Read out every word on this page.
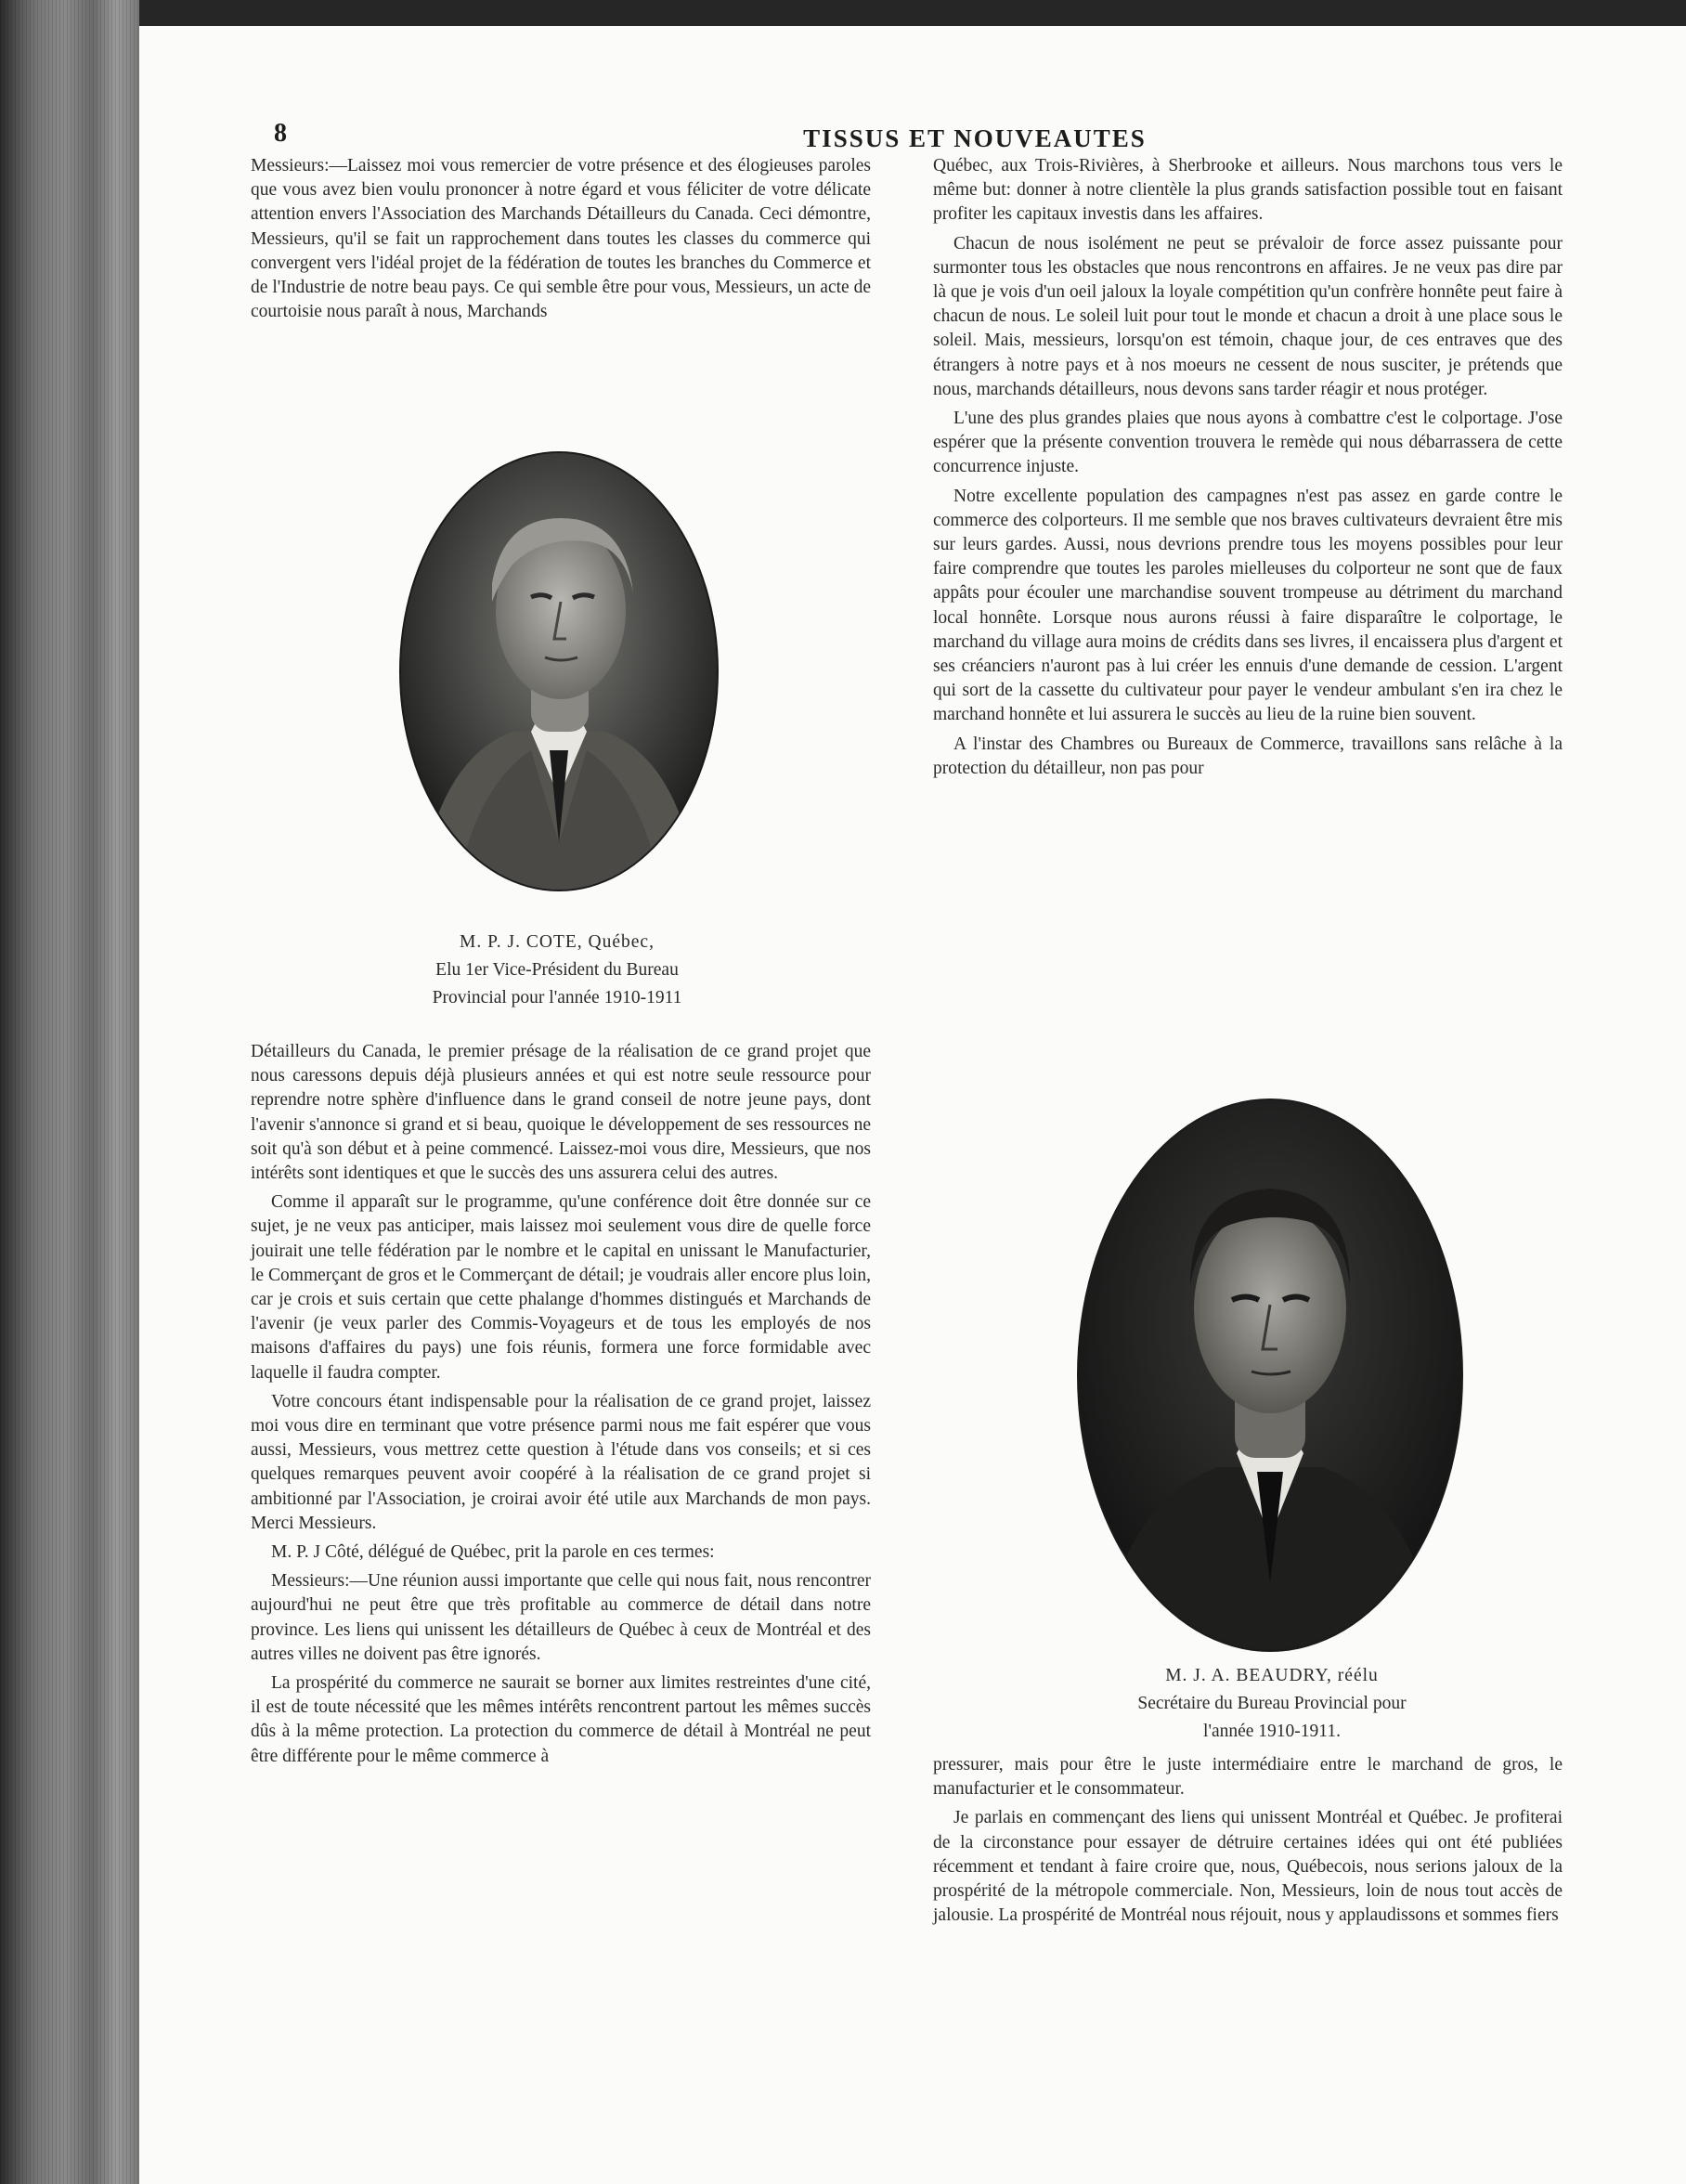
8	TISSUS ET NOUVEAUTES

Messieurs:—Laissez moi vous remercier de votre présence et des élogieuses paroles que vous avez bien voulu prononcer à notre égard et vous féliciter de votre délicate attention envers l'Association des Marchands Détailleurs du Canada. Ceci démontre, Messieurs, qu'il se fait un rapprochement dans toutes les classes du commerce qui convergent vers l'idéal projet de la fédération de toutes les branches du Commerce et de l'Industrie de notre beau pays. Ce qui semble être pour vous, Messieurs, un acte de courtoisie nous paraît à nous, Marchands

M. P. J. COTE, Québec,
Elu 1er Vice-Président du Bureau
Provincial pour l'année 1910-1911

Détailleurs du Canada, le premier présage de la réalisation de ce grand projet que nous caressons depuis déjà plusieurs années et qui est notre seule ressource pour reprendre notre sphère d'influence dans le grand conseil de notre jeune pays, dont l'avenir s'annonce si grand et si beau, quoique le développement de ses ressources ne soit qu'à son début et à peine commencé. Laissez-moi vous dire, Messieurs, que nos intérêts sont identiques et que le succès des uns assurera celui des autres.

Comme il apparaît sur le programme, qu'une conférence doit être donnée sur ce sujet, je ne veux pas anticiper, mais laissez moi seulement vous dire de quelle force jouirait une telle fédération par le nombre et le capital en unissant le Manufacturier, le Commerçant de gros et le Commerçant de détail; je voudrais aller encore plus loin, car je crois et suis certain que cette phalange d'hommes distingués et Marchands de l'avenir (je veux parler des Commis-Voyageurs et de tous les employés de nos maisons d'affaires du pays) une fois réunis, formera une force formidable avec laquelle il faudra compter.

Votre concours étant indispensable pour la réalisation de ce grand projet, laissez moi vous dire en terminant que votre présence parmi nous me fait espérer que vous aussi, Messieurs, vous mettrez cette question à l'étude dans vos conseils; et si ces quelques remarques peuvent avoir coopéré à la réalisation de ce grand projet si ambitionné par l'Association, je croirai avoir été utile aux Marchands de mon pays. Merci Messieurs.

M. P. J Côté, délégué de Québec, prit la parole en ces termes:

Messieurs:—Une réunion aussi importante que celle qui nous fait, nous rencontrer aujourd'hui ne peut être que très profitable au commerce de détail dans notre province. Les liens qui unissent les détailleurs de Québec à ceux de Montréal et des autres villes ne doivent pas être ignorés.

La prospérité du commerce ne saurait se borner aux limites restreintes d'une cité, il est de toute nécessité que les mêmes intérêts rencontrent partout les mêmes succès dûs à la même protection. La protection du commerce de détail à Montréal ne peut être différente pour le même commerce à

Québec, aux Trois-Rivières, à Sherbrooke et ailleurs. Nous marchons tous vers le même but: donner à notre clientèle la plus grands satisfaction possible tout en faisant profiter les capitaux investis dans les affaires.

Chacun de nous isolément ne peut se prévaloir de force assez puissante pour surmonter tous les obstacles que nous rencontrons en affaires. Je ne veux pas dire par là que je vois d'un oeil jaloux la loyale compétition qu'un confrère honnête peut faire à chacun de nous. Le soleil luit pour tout le monde et chacun a droit à une place sous le soleil. Mais, messieurs, lorsqu'on est témoin, chaque jour, de ces entraves que des étrangers à notre pays et à nos moeurs ne cessent de nous susciter, je prétends que nous, marchands détailleurs, nous devons sans tarder réagir et nous protéger.

L'une des plus grandes plaies que nous ayons à combattre c'est le colportage. J'ose espérer que la présente convention trouvera le remède qui nous débarrassera de cette concurrence injuste.

Notre excellente population des campagnes n'est pas assez en garde contre le commerce des colporteurs. Il me semble que nos braves cultivateurs devraient être mis sur leurs gardes. Aussi, nous devrions prendre tous les moyens possibles pour leur faire comprendre que toutes les paroles mielleuses du colporteur ne sont que de faux appâts pour écouler une marchandise souvent trompeuse au détriment du marchand local honnête. Lorsque nous aurons réussi à faire disparaître le colportage, le marchand du village aura moins de crédits dans ses livres, il encaissera plus d'argent et ses créanciers n'auront pas à lui créer les ennuis d'une demande de cession. L'argent qui sort de la cassette du cultivateur pour payer le vendeur ambulant s'en ira chez le marchand honnête et lui assurera le succès au lieu de la ruine bien souvent.

A l'instar des Chambres ou Bureaux de Commerce, travaillons sans relâche à la protection du détailleur, non pas pour

M. J. A. BEAUDRY, réélu
Secrétaire du Bureau Provincial pour
l'année 1910-1911.

pressurer, mais pour être le juste intermédiaire entre le marchand de gros, le manufacturier et le consommateur.

Je parlais en commençant des liens qui unissent Montréal et Québec. Je profiterai de la circonstance pour essayer de détruire certaines idées qui ont été publiées récemment et tendant à faire croire que, nous, Québecois, nous serions jaloux de la prospérité de la métropole commerciale. Non, Messieurs, loin de nous tout accès de jalousie. La prospérité de Montréal nous réjouit, nous y applaudissons et sommes fiers
